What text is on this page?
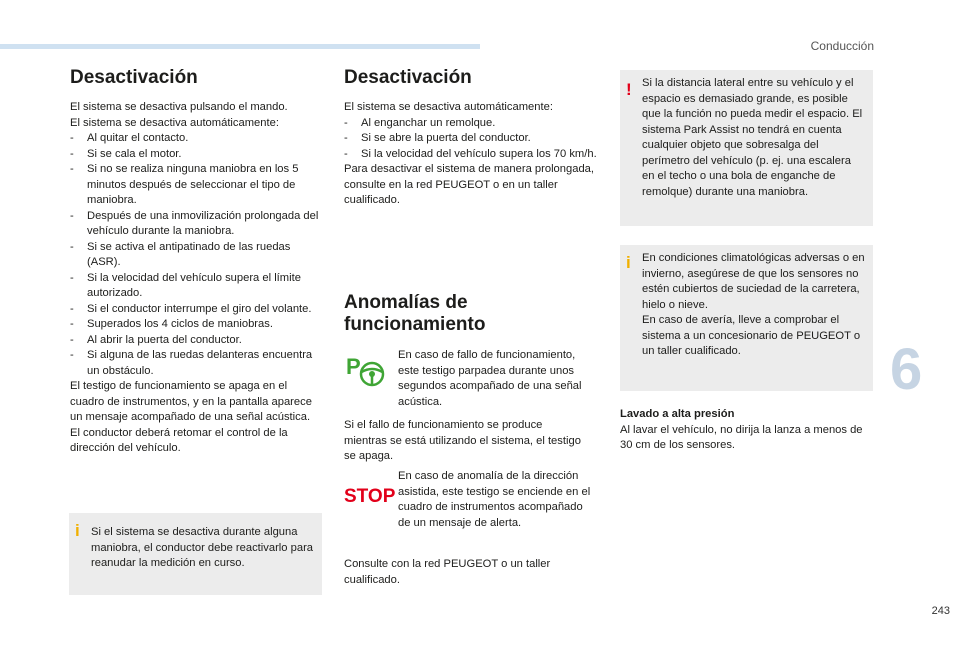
Conducción
Desactivación
El sistema se desactiva pulsando el mando.
El sistema se desactiva automáticamente:
- Al quitar el contacto.
- Si se cala el motor.
- Si no se realiza ninguna maniobra en los 5 minutos después de seleccionar el tipo de maniobra.
- Después de una inmovilización prolongada del vehículo durante la maniobra.
- Si se activa el antipatinado de las ruedas (ASR).
- Si la velocidad del vehículo supera el límite autorizado.
- Si el conductor interrumpe el giro del volante.
- Superados los 4 ciclos de maniobras.
- Al abrir la puerta del conductor.
- Si alguna de las ruedas delanteras encuentra un obstáculo.
El testigo de funcionamiento se apaga en el cuadro de instrumentos, y en la pantalla aparece un mensaje acompañado de una señal acústica.
El conductor deberá retomar el control de la dirección del vehículo.
i Si el sistema se desactiva durante alguna maniobra, el conductor debe reactivarlo para reanudar la medición en curso.
Desactivación
El sistema se desactiva automáticamente:
- Al enganchar un remolque.
- Si se abre la puerta del conductor.
- Si la velocidad del vehículo supera los 70 km/h.
Para desactivar el sistema de manera prolongada, consulte en la red PEUGEOT o en un taller cualificado.
Anomalías de
funcionamiento
P	En caso de fallo de funcionamiento, este testigo parpadea durante unos segundos acompañado de una señal acústica.
Si el fallo de funcionamiento se produce mientras se está utilizando el sistema, el testigo se apaga.
STOP
En caso de anomalía de la dirección asistida, este testigo se enciende en el cuadro de instrumentos acompañado de un mensaje de alerta.
Consulte con la red PEUGEOT o un taller cualificado.
! Si la distancia lateral entre su vehículo y el espacio es demasiado grande, es posible que la función no pueda medir el espacio. El sistema Park Assist no tendrá en cuenta cualquier objeto que sobresalga del perímetro del vehículo (p. ej. una escalera en el techo o una bola de enganche de remolque) durante una maniobra.
i En condiciones climatológicas adversas o en invierno, asegúrese de que los sensores no estén cubiertos de suciedad de la carretera, hielo o nieve.
En caso de avería, lleve a comprobar el sistema a un concesionario de PEUGEOT o un taller cualificado.
Lavado a alta presión
Al lavar el vehículo, no dirija la lanza a menos de 30 cm de los sensores.
6
243
